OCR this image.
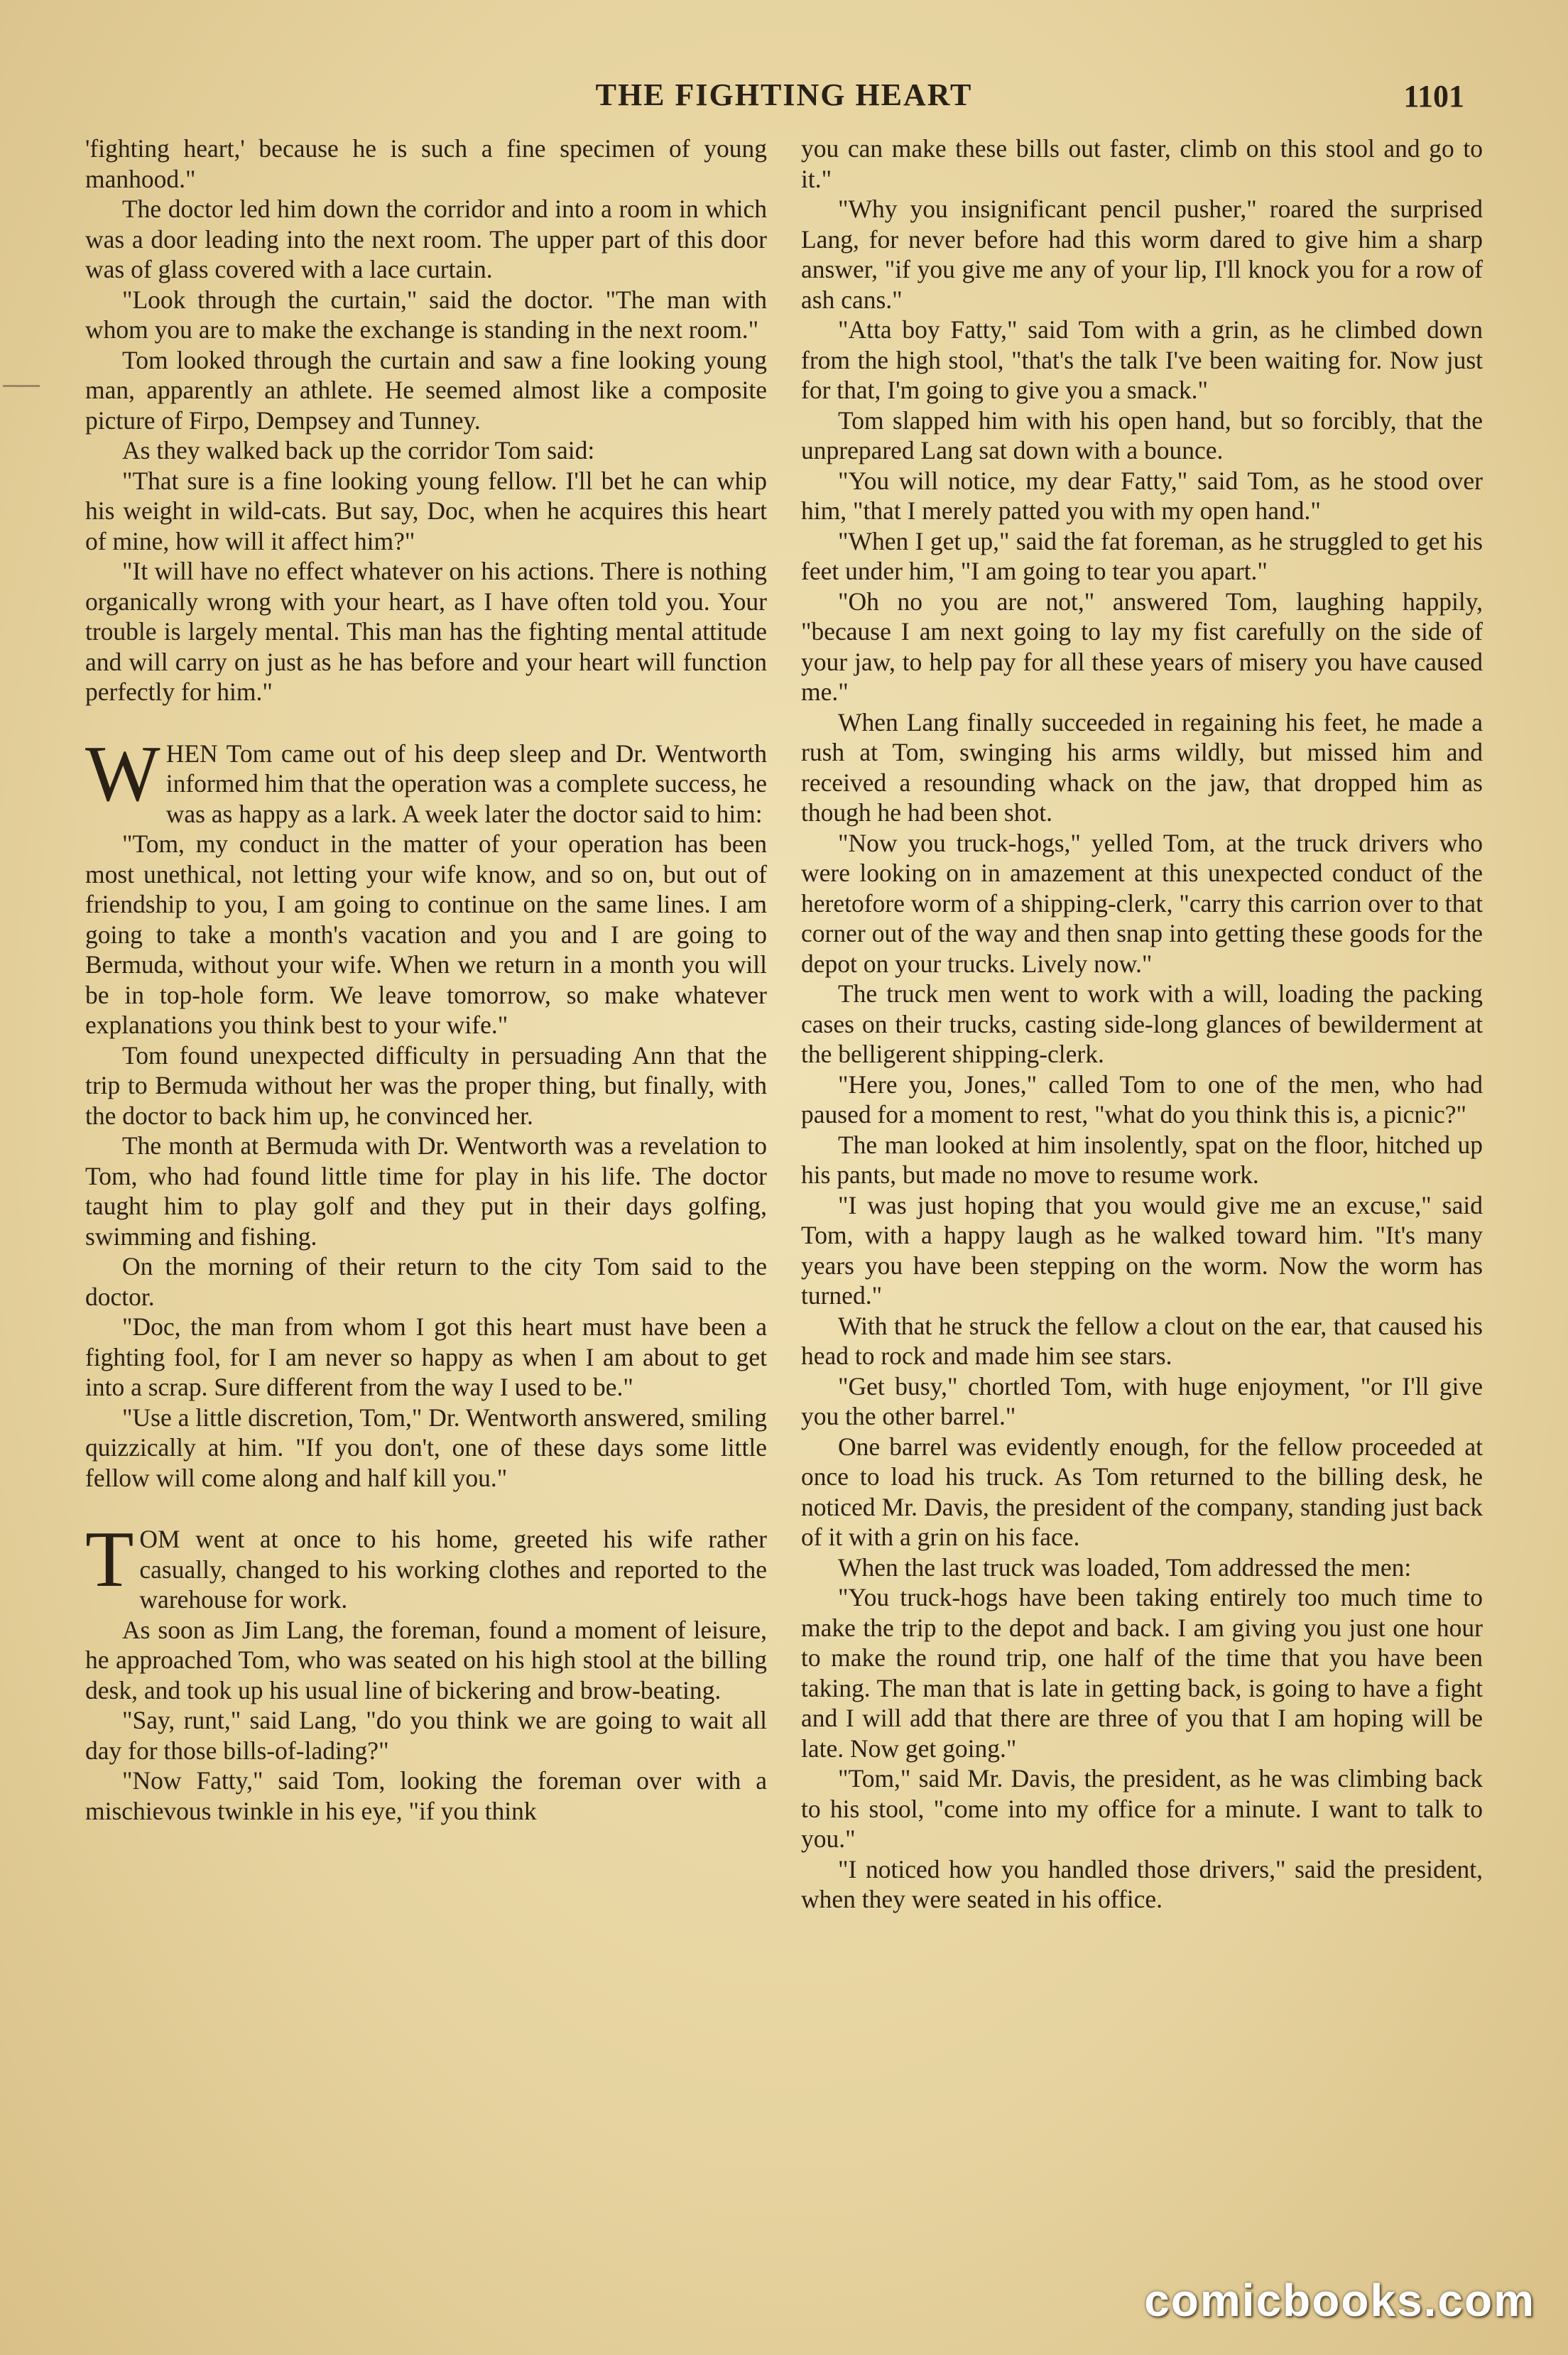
THE FIGHTING HEART	1101

'fighting heart,' because he is such a fine specimen of young manhood."

The doctor led him down the corridor and into a room in which was a door leading into the next room. The upper part of this door was of glass covered with a lace curtain.

"Look through the curtain," said the doctor. "The man with whom you are to make the exchange is standing in the next room."

Tom looked through the curtain and saw a fine looking young man, apparently an athlete. He seemed almost like a composite picture of Firpo, Dempsey and Tunney.

As they walked back up the corridor Tom said:

"That sure is a fine looking young fellow. I'll bet he can whip his weight in wild-cats. But say, Doc, when he acquires this heart of mine, how will it affect him?"

"It will have no effect whatever on his actions. There is nothing organically wrong with your heart, as I have often told you. Your trouble is largely mental. This man has the fighting mental attitude and will carry on just as he has before and your heart will function perfectly for him."

WHEN Tom came out of his deep sleep and Dr. Wentworth informed him that the operation was a complete success, he was as happy as a lark. A week later the doctor said to him:

"Tom, my conduct in the matter of your operation has been most unethical, not letting your wife know, and so on, but out of friendship to you, I am going to continue on the same lines. I am going to take a month's vacation and you and I are going to Bermuda, without your wife. When we return in a month you will be in top-hole form. We leave tomorrow, so make whatever explanations you think best to your wife."

Tom found unexpected difficulty in persuading Ann that the trip to Bermuda without her was the proper thing, but finally, with the doctor to back him up, he convinced her.

The month at Bermuda with Dr. Wentworth was a revelation to Tom, who had found little time for play in his life. The doctor taught him to play golf and they put in their days golfing, swimming and fishing.

On the morning of their return to the city Tom said to the doctor.

"Doc, the man from whom I got this heart must have been a fighting fool, for I am never so happy as when I am about to get into a scrap. Sure different from the way I used to be."

"Use a little discretion, Tom," Dr. Wentworth answered, smiling quizzically at him. "If you don't, one of these days some little fellow will come along and half kill you."

TOM went at once to his home, greeted his wife rather casually, changed to his working clothes and reported to the warehouse for work.

As soon as Jim Lang, the foreman, found a moment of leisure, he approached Tom, who was seated on his high stool at the billing desk, and took up his usual line of bickering and brow-beating.

"Say, runt," said Lang, "do you think we are going to wait all day for those bills-of-lading?"

"Now Fatty," said Tom, looking the foreman over with a mischievous twinkle in his eye, "if you think

you can make these bills out faster, climb on this stool and go to it."

"Why you insignificant pencil pusher," roared the surprised Lang, for never before had this worm dared to give him a sharp answer, "if you give me any of your lip, I'll knock you for a row of ash cans."

"Atta boy Fatty," said Tom with a grin, as he climbed down from the high stool, "that's the talk I've been waiting for. Now just for that, I'm going to give you a smack."

Tom slapped him with his open hand, but so forcibly, that the unprepared Lang sat down with a bounce.

"You will notice, my dear Fatty," said Tom, as he stood over him, "that I merely patted you with my open hand."

"When I get up," said the fat foreman, as he struggled to get his feet under him, "I am going to tear you apart."

"Oh no you are not," answered Tom, laughing happily, "because I am next going to lay my fist carefully on the side of your jaw, to help pay for all these years of misery you have caused me."

When Lang finally succeeded in regaining his feet, he made a rush at Tom, swinging his arms wildly, but missed him and received a resounding whack on the jaw, that dropped him as though he had been shot.

"Now you truck-hogs," yelled Tom, at the truck drivers who were looking on in amazement at this unexpected conduct of the heretofore worm of a shipping-clerk, "carry this carrion over to that corner out of the way and then snap into getting these goods for the depot on your trucks. Lively now."

The truck men went to work with a will, loading the packing cases on their trucks, casting side-long glances of bewilderment at the belligerent shipping-clerk.

"Here you, Jones," called Tom to one of the men, who had paused for a moment to rest, "what do you think this is, a picnic?"

The man looked at him insolently, spat on the floor, hitched up his pants, but made no move to resume work.

"I was just hoping that you would give me an excuse," said Tom, with a happy laugh as he walked toward him. "It's many years you have been stepping on the worm. Now the worm has turned."

With that he struck the fellow a clout on the ear, that caused his head to rock and made him see stars.

"Get busy," chortled Tom, with huge enjoyment, "or I'll give you the other barrel."

One barrel was evidently enough, for the fellow proceeded at once to load his truck. As Tom returned to the billing desk, he noticed Mr. Davis, the president of the company, standing just back of it with a grin on his face.

When the last truck was loaded, Tom addressed the men:

"You truck-hogs have been taking entirely too much time to make the trip to the depot and back. I am giving you just one hour to make the round trip, one half of the time that you have been taking. The man that is late in getting back, is going to have a fight and I will add that there are three of you that I am hoping will be late. Now get going."

"Tom," said Mr. Davis, the president, as he was climbing back to his stool, "come into my office for a minute. I want to talk to you."

"I noticed how you handled those drivers," said the president, when they were seated in his office.

comicbooks.com
